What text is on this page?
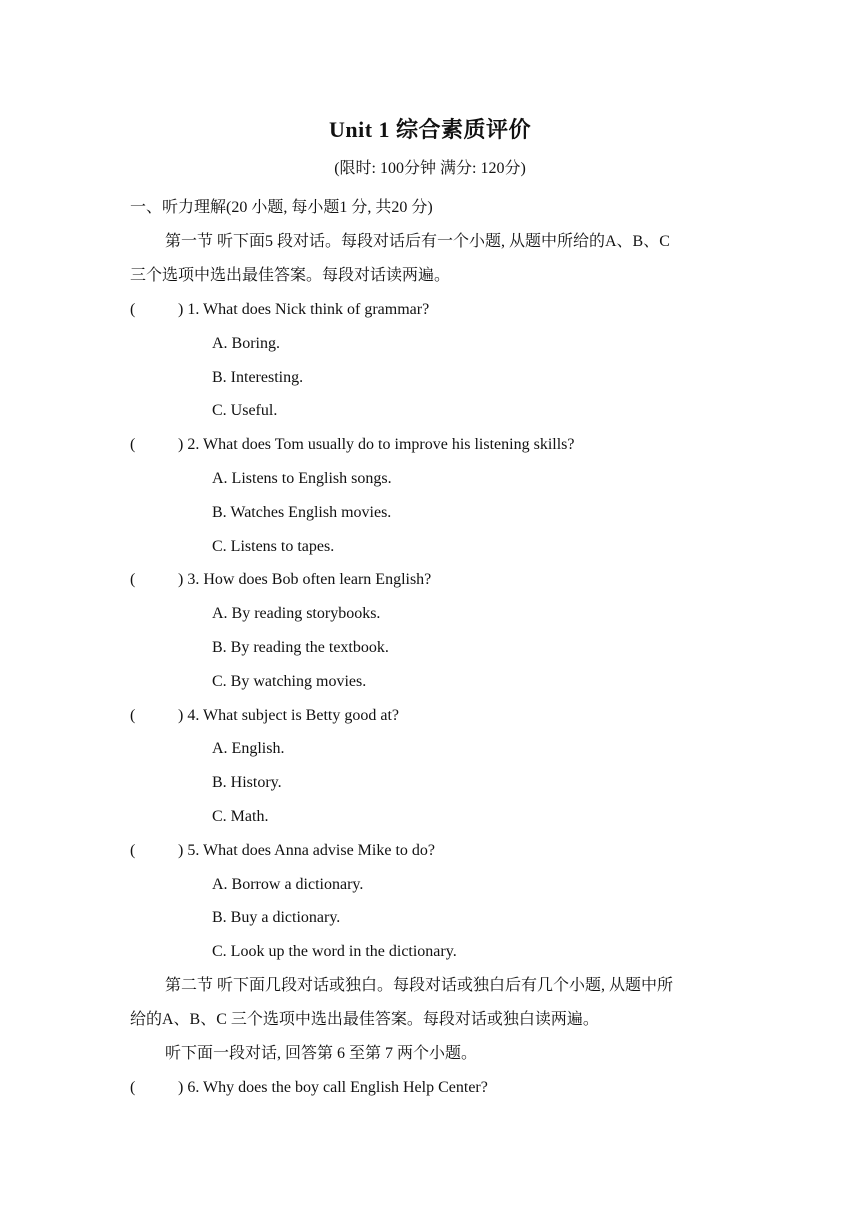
Unit 1 综合素质评价
(限时: 100分钟 满分: 120分)
一、听力理解(20 小题, 每小题1 分, 共20 分)
第一节 听下面5 段对话。每段对话后有一个小题, 从题中所给的A、B、C
三个选项中选出最佳答案。每段对话读两遍。
(	) 1. What does Nick think of grammar?
A. Boring.
B. Interesting.
C. Useful.
(	) 2. What does Tom usually do to improve his listening skills?
A. Listens to English songs.
B. Watches English movies.
C. Listens to tapes.
(	) 3. How does Bob often learn English?
A. By reading storybooks.
B. By reading the textbook.
C. By watching movies.
(	) 4. What subject is Betty good at?
A. English.
B. History.
C. Math.
(	) 5. What does Anna advise Mike to do?
A. Borrow a dictionary.
B. Buy a dictionary.
C. Look up the word in the dictionary.
第二节 听下面几段对话或独白。每段对话或独白后有几个小题, 从题中所
给的A、B、C 三个选项中选出最佳答案。每段对话或独白读两遍。
听下面一段对话, 回答第 6 至第 7 两个小题。
(	) 6. Why does the boy call English Help Center?
